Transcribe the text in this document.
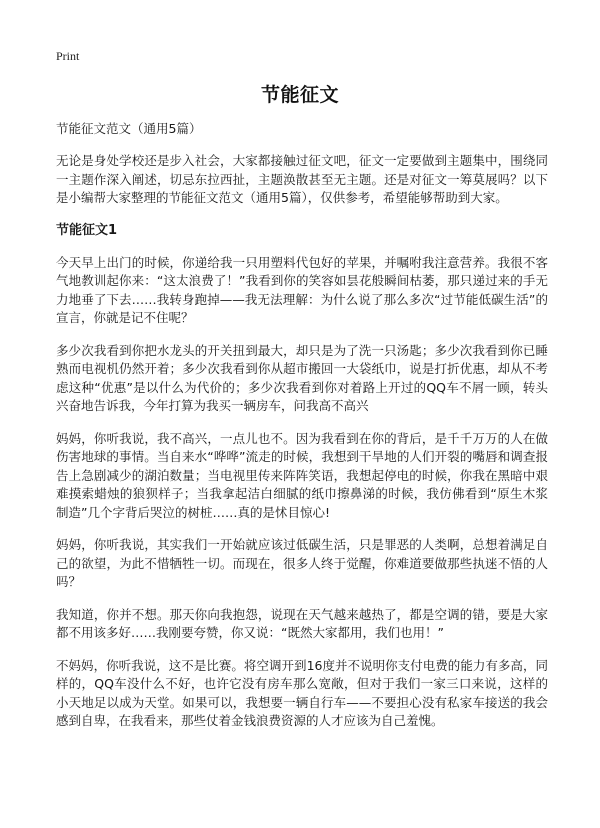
Print
节能征文
节能征文范文（通用5篇）

无论是身处学校还是步入社会，大家都接触过征文吧，征文一定要做到主题集中，围绕同一主题作深入阐述，切忌东拉西扯，主题涣散甚至无主题。还是对征文一筹莫展吗？以下是小编帮大家整理的节能征文范文（通用5篇），仅供参考，希望能够帮助到大家。

节能征文1

今天早上出门的时候，你递给我一只用塑料代包好的苹果，并嘱咐我注意营养。我很不客气地教训起你来：“这太浪费了！”我看到你的笑容如昙花般瞬间枯萎，那只递过来的手无力地垂了下去……我转身跑掉——我无法理解：为什么说了那么多次“过节能低碳生活”的宣言，你就是记不住呢？

多少次我看到你把水龙头的开关扭到最大，却只是为了洗一只汤匙；多少次我看到你已睡熟而电视机仍然开着；多少次我看到你从超市搬回一大袋纸巾，说是打折优惠，却从不考虑这种“优惠”是以什么为代价的；多少次我看到你对着路上开过的QQ车不屑一顾，转头兴奋地告诉我，今年打算为我买一辆房车，问我高不高兴

妈妈，你听我说，我不高兴，一点儿也不。因为我看到在你的背后，是千千万万的人在做伤害地球的事情。当自来水“哗哗”流走的时候，我想到干旱地的人们开裂的嘴唇和调查报告上急剧减少的湖泊数量；当电视里传来阵阵笑语，我想起停电的时候，你我在黑暗中艰难摸索蜡烛的狼狈样子；当我拿起洁白细腻的纸巾擦鼻涕的时候，我仿佛看到“原生木浆制造”几个字背后哭泣的树桩……真的是怵目惊心!

妈妈，你听我说，其实我们一开始就应该过低碳生活，只是罪恶的人类啊，总想着满足自己的欲望，为此不惜牺牲一切。而现在，很多人终于觉醒，你难道要做那些执迷不悟的人吗？

我知道，你并不想。那天你向我抱怨，说现在天气越来越热了，都是空调的错，要是大家都不用该多好……我刚要夸赞，你又说：“既然大家都用，我们也用！”

不妈妈，你听我说，这不是比赛。将空调开到16度并不说明你支付电费的能力有多高，同样的，QQ车没什么不好，也许它没有房车那么宽敞，但对于我们一家三口来说，这样的小天地足以成为天堂。如果可以，我想要一辆自行车——不要担心没有私家车接送的我会感到自卑，在我看来，那些仗着金钱浪费资源的人才应该为自己羞愧。
